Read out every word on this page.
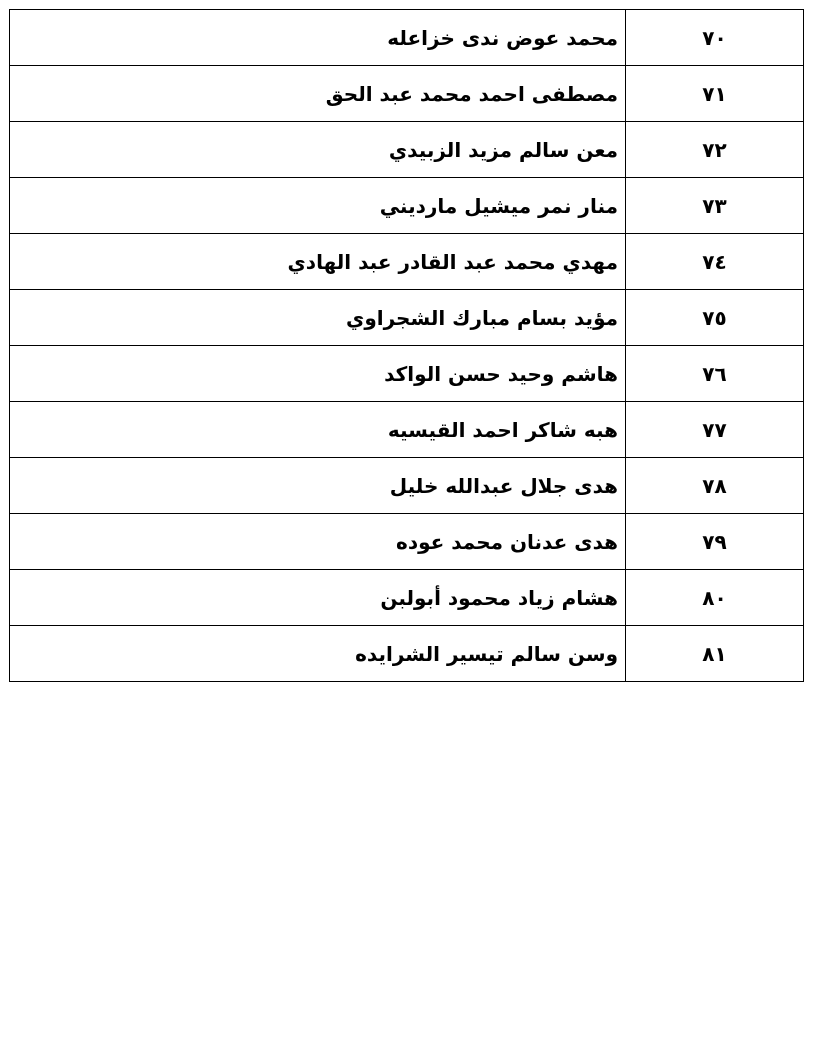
٧٠	محمد عوض ندى خزاعله
٧١	مصطفى احمد محمد عبد الحق
٧٢	معن سالم مزيد الزبيدي
٧٣	منار نمر ميشيل مارديني
٧٤	مهدي محمد عبد القادر عبد الهادي
٧٥	مؤيد بسام مبارك الشجراوي
٧٦	هاشم وحيد حسن الواكد
٧٧	هبه شاكر احمد القيسيه
٧٨	هدى جلال عبدالله خليل
٧٩	هدى عدنان محمد عوده
٨٠	هشام زياد محمود أبولبن
٨١	وسن سالم تيسير الشرايده
